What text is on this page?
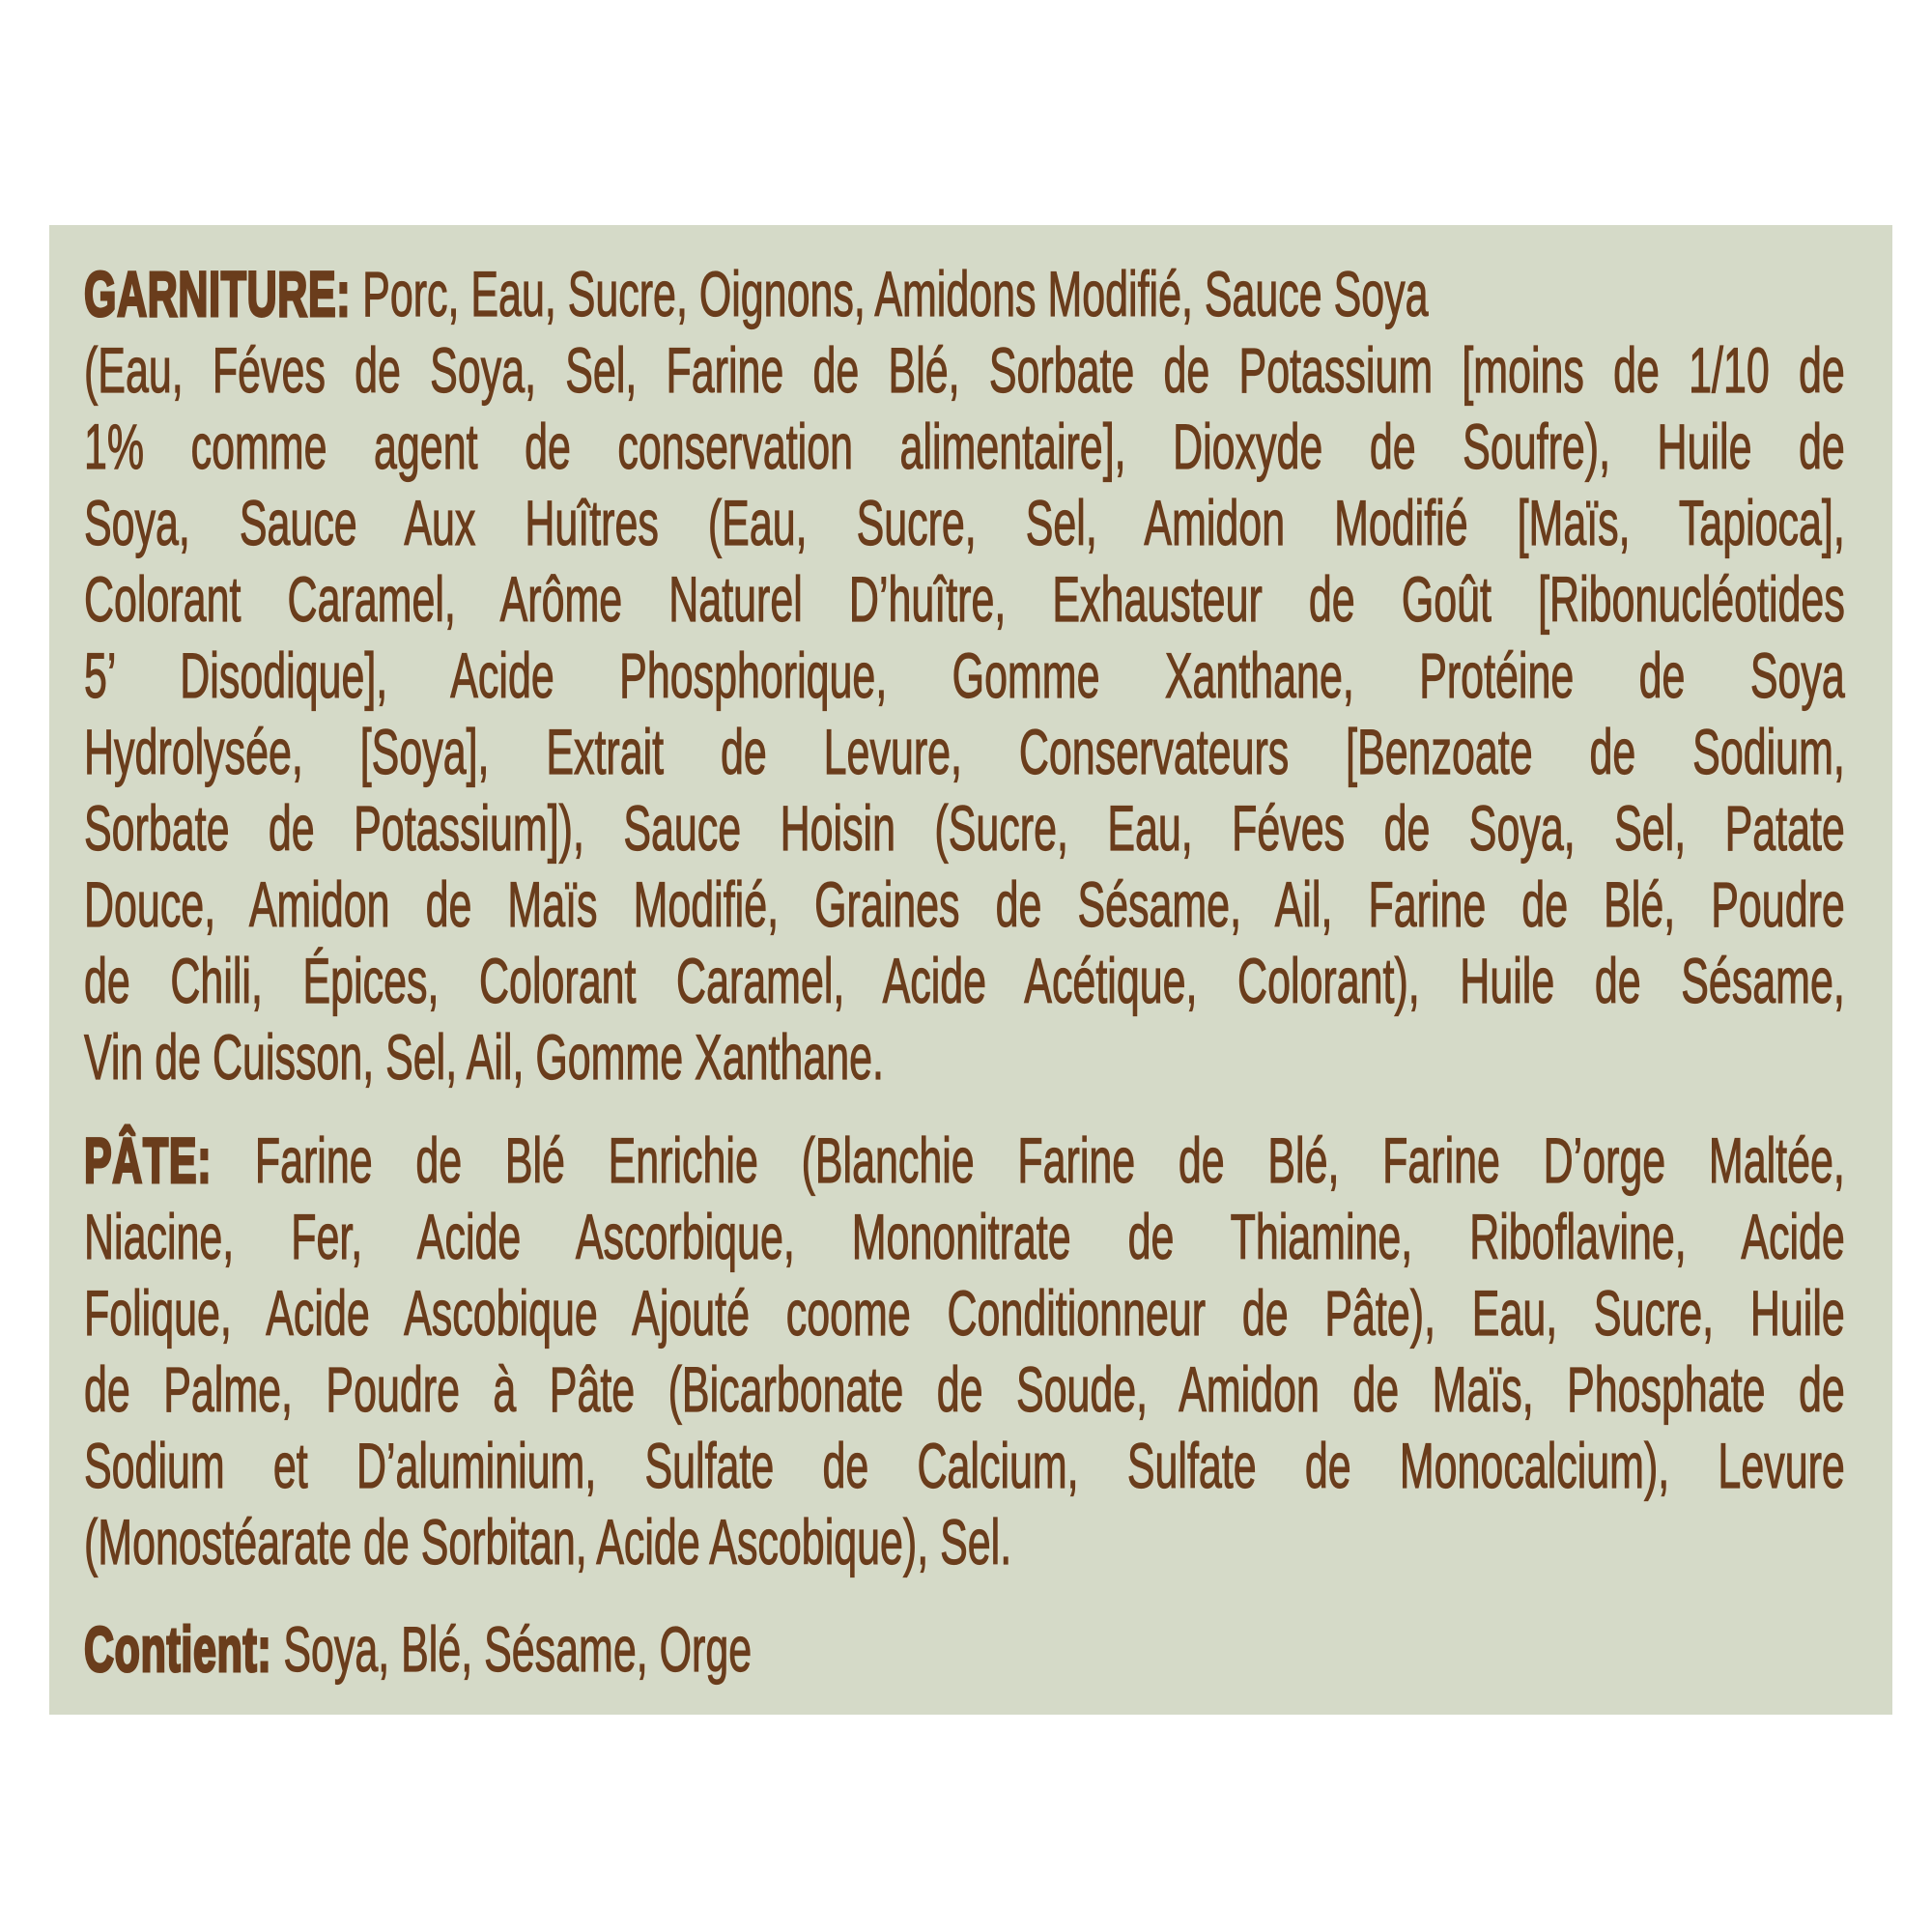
GARNITURE: Porc, Eau, Sucre, Oignons, Amidons Modifié, Sauce Soya
(Eau, Féves de Soya, Sel, Farine de Blé, Sorbate de Potassium [moins de 1/10 de
1% comme agent de conservation alimentaire], Dioxyde de Soufre), Huile de
Soya, Sauce Aux Huîtres (Eau, Sucre, Sel, Amidon Modifié [Maïs, Tapioca],
Colorant Caramel, Arôme Naturel D’huître, Exhausteur de Goût [Ribonucléotides
5’ Disodique], Acide Phosphorique, Gomme Xanthane, Protéine de Soya
Hydrolysée, [Soya], Extrait de Levure, Conservateurs [Benzoate de Sodium,
Sorbate de Potassium]), Sauce Hoisin (Sucre, Eau, Féves de Soya, Sel, Patate
Douce, Amidon de Maïs Modifié, Graines de Sésame, Ail, Farine de Blé, Poudre
de Chili, Épices, Colorant Caramel, Acide Acétique, Colorant), Huile de Sésame,
Vin de Cuisson, Sel, Ail, Gomme Xanthane.
PÂTE: Farine de Blé Enrichie (Blanchie Farine de Blé, Farine D’orge Maltée,
Niacine, Fer, Acide Ascorbique, Mononitrate de Thiamine, Riboflavine, Acide
Folique, Acide Ascobique Ajouté coome Conditionneur de Pâte), Eau, Sucre, Huile
de Palme, Poudre à Pâte (Bicarbonate de Soude, Amidon de Maïs, Phosphate de
Sodium et D’aluminium, Sulfate de Calcium, Sulfate de Monocalcium), Levure
(Monostéarate de Sorbitan, Acide Ascobique), Sel.
Contient: Soya, Blé, Sésame, Orge
